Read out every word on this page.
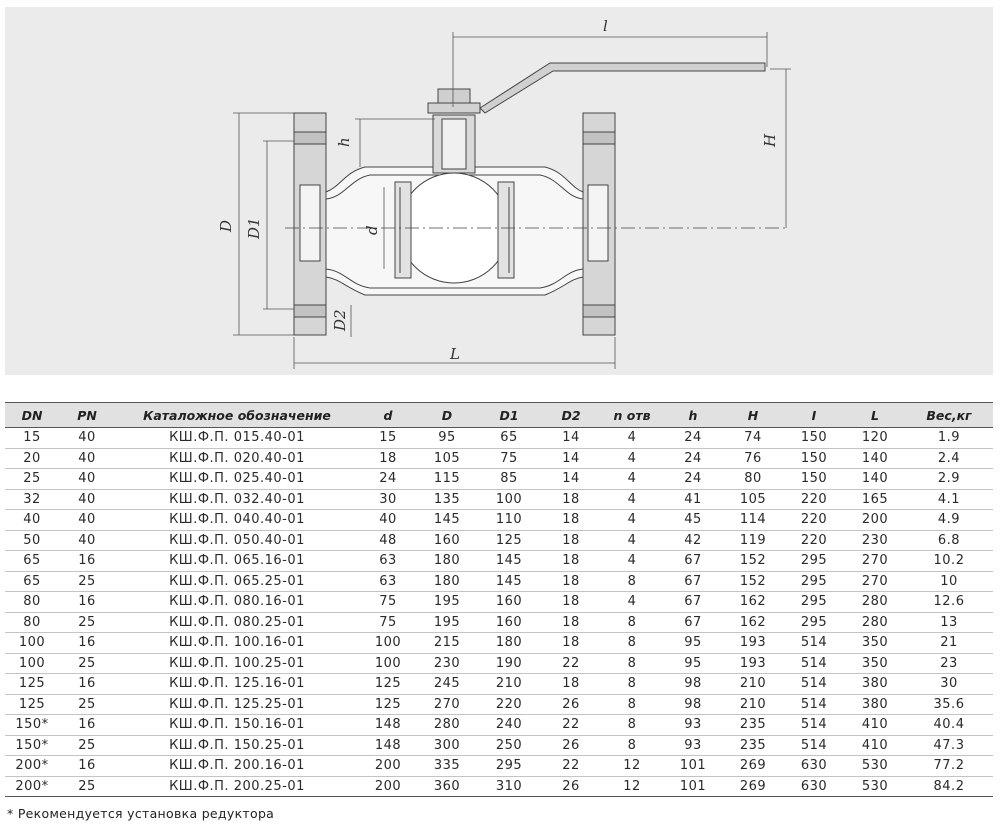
l
H
h
D D1
D2
d
L
DN	PN	Каталожное обозначение	d	D	D1	D2	n отв	h	H	I	L	Вес,кг
15	40	КШ.Ф.П. 015.40-01	15	95	65	14	4	24	74	150	120	1.9
20	40	КШ.Ф.П. 020.40-01	18	105	75	14	4	24	76	150	140	2.4
25	40	КШ.Ф.П. 025.40-01	24	115	85	14	4	24	80	150	140	2.9
32	40	КШ.Ф.П. 032.40-01	30	135	100	18	4	41	105	220	165	4.1
40	40	КШ.Ф.П. 040.40-01	40	145	110	18	4	45	114	220	200	4.9
50	40	КШ.Ф.П. 050.40-01	48	160	125	18	4	42	119	220	230	6.8
65	16	КШ.Ф.П. 065.16-01	63	180	145	18	4	67	152	295	270	10.2
65	25	КШ.Ф.П. 065.25-01	63	180	145	18	8	67	152	295	270	10
80	16	КШ.Ф.П. 080.16-01	75	195	160	18	4	67	162	295	280	12.6
80	25	КШ.Ф.П. 080.25-01	75	195	160	18	8	67	162	295	280	13
100	16	КШ.Ф.П. 100.16-01	100	215	180	18	8	95	193	514	350	21
100	25	КШ.Ф.П. 100.25-01	100	230	190	22	8	95	193	514	350	23
125	16	КШ.Ф.П. 125.16-01	125	245	210	18	8	98	210	514	380	30
125	25	КШ.Ф.П. 125.25-01	125	270	220	26	8	98	210	514	380	35.6
150*	16	КШ.Ф.П. 150.16-01	148	280	240	22	8	93	235	514	410	40.4
150*	25	КШ.Ф.П. 150.25-01	148	300	250	26	8	93	235	514	410	47.3
200*	16	КШ.Ф.П. 200.16-01	200	335	295	22	12	101	269	630	530	77.2
200*	25	КШ.Ф.П. 200.25-01	200	360	310	26	12	101	269	630	530	84.2
* Рекомендуется установка редуктора
